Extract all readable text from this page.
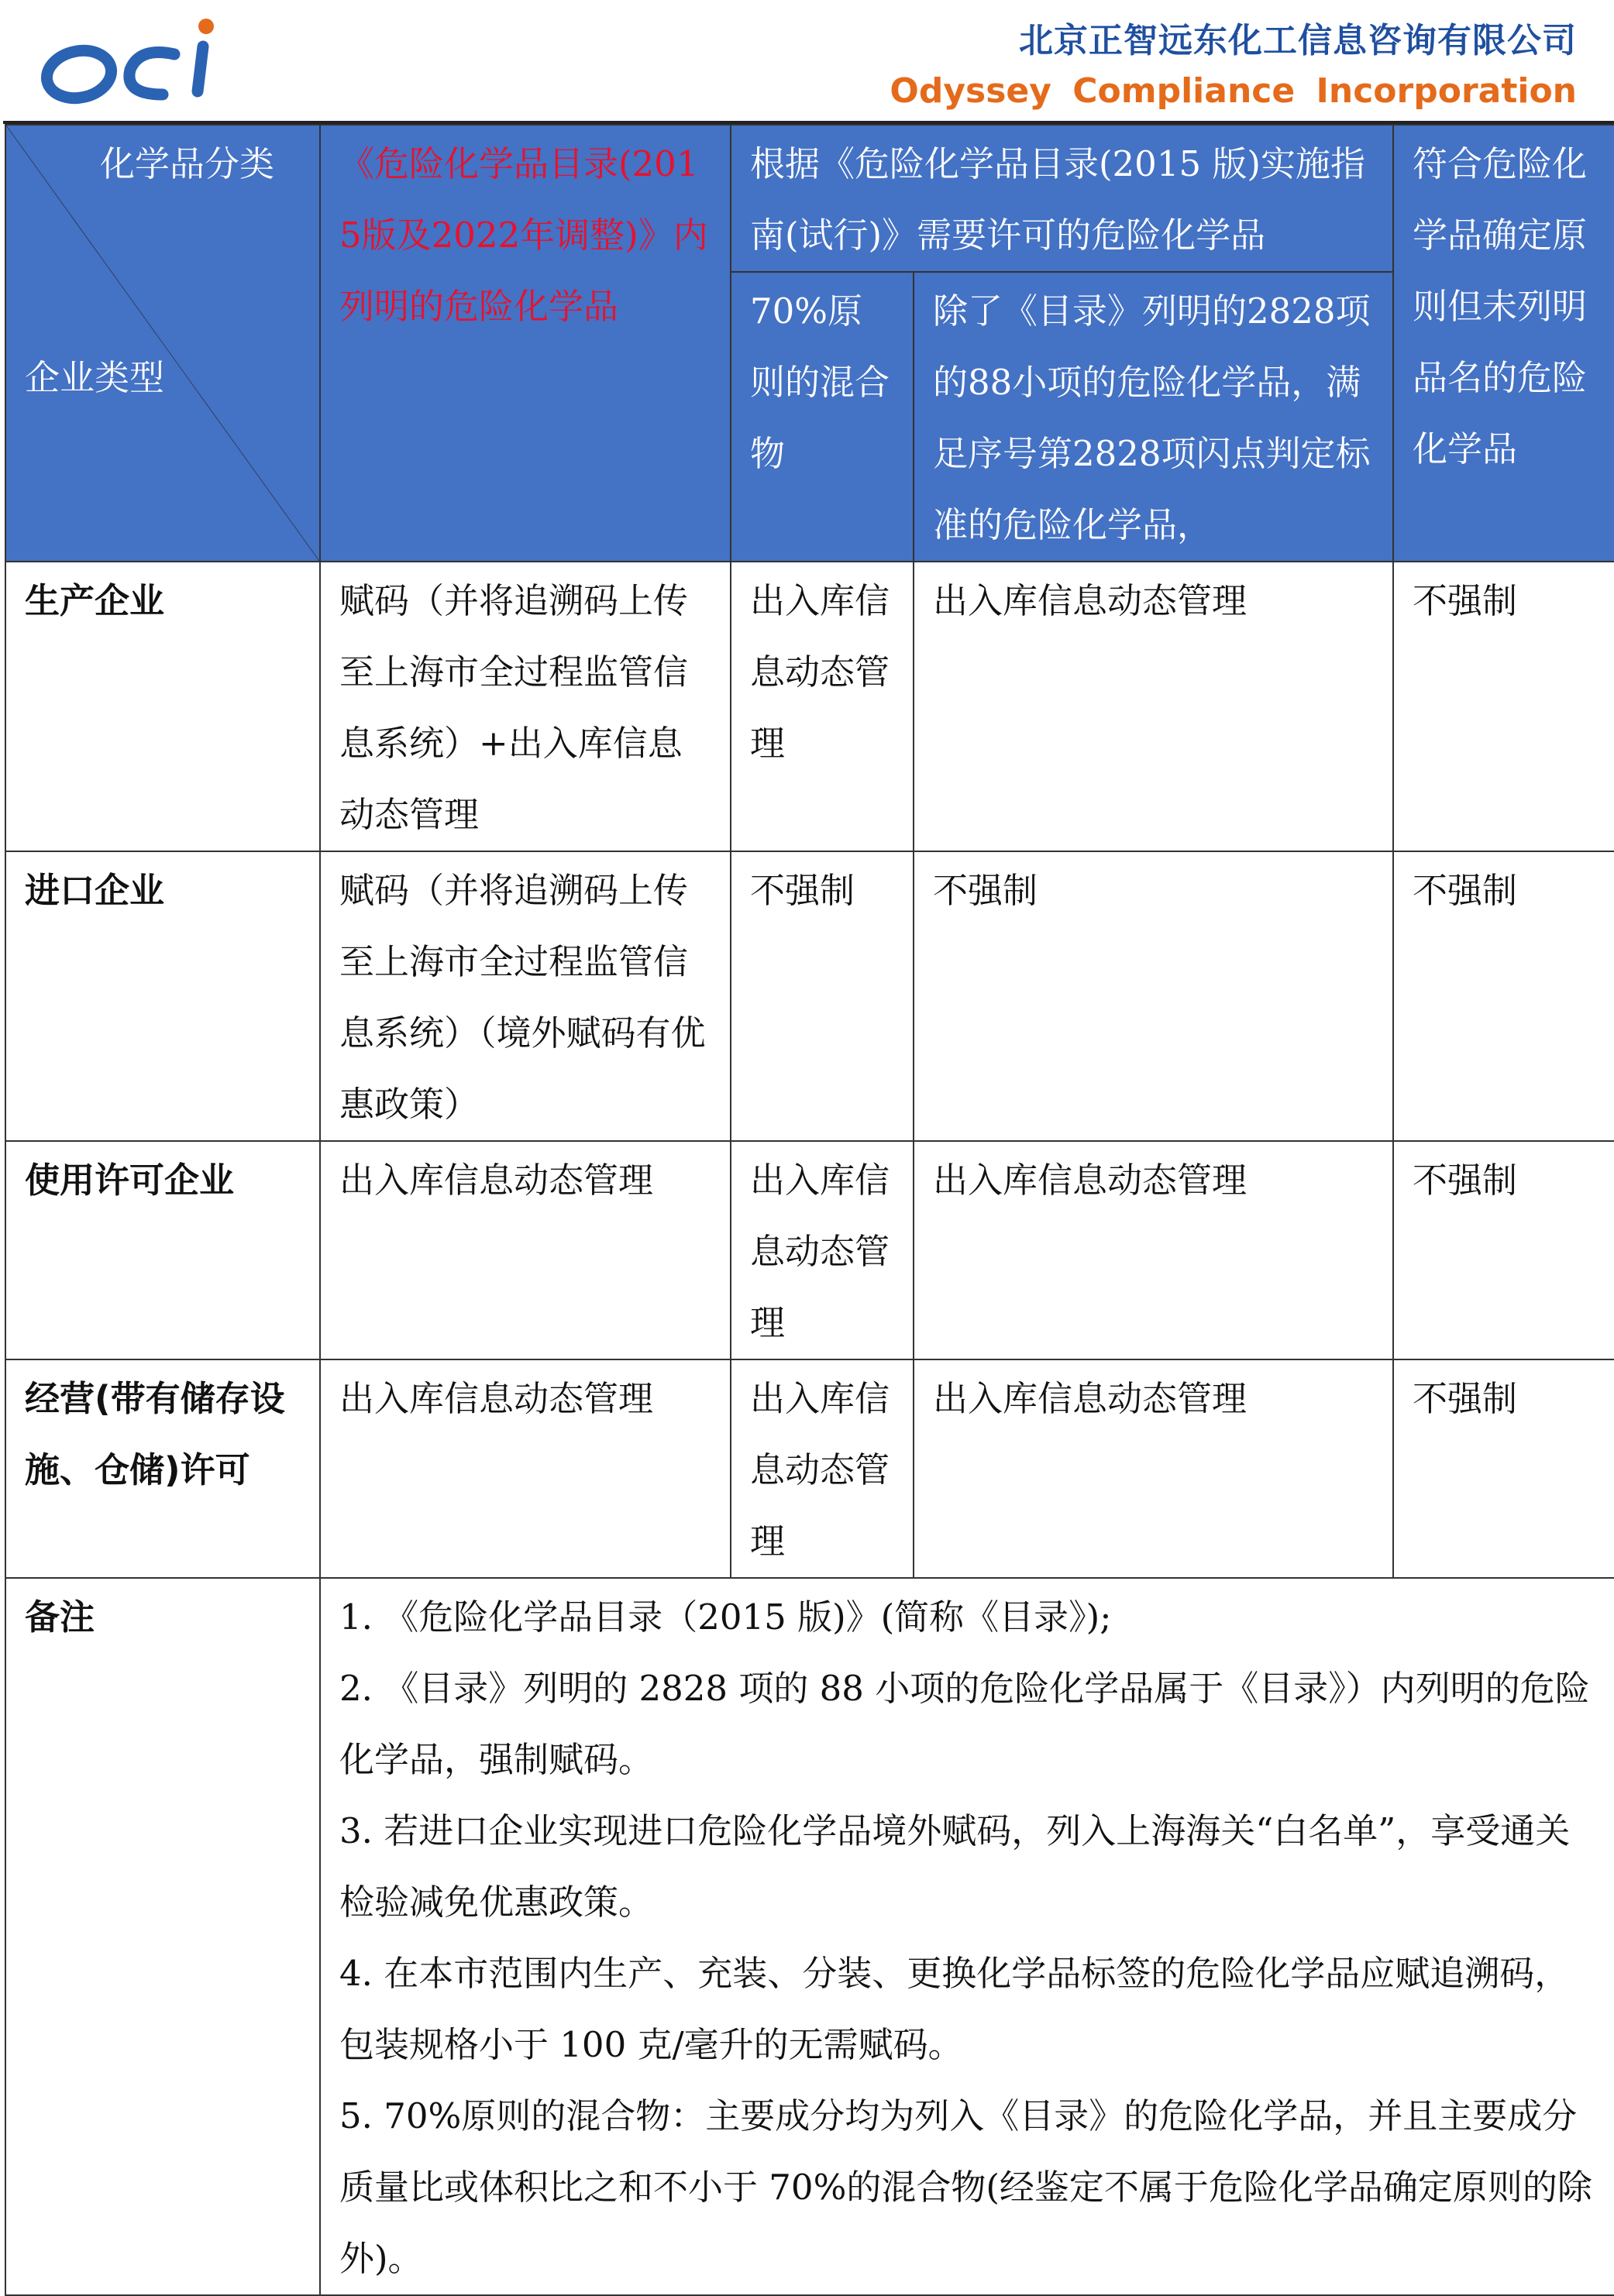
北京正智远东化工信息咨询有限公司
Odyssey Compliance Incorporation
化学品分类
企业类型	《危险化学品目录(2015版及2022年调整)》内列明的危险化学品	根据《危险化学品目录(2015 版)实施指南(试行)》需要许可的危险化学品		符合危险化学品确定原则但未列明品名的危险化学品
		70%原则的混合物	除了《目录》列明的2828项的88小项的危险化学品，满足序号第2828项闪点判定标准的危险化学品，	
生产企业	赋码（并将追溯码上传至上海市全过程监管信息系统）+出入库信息动态管理	出入库信息动态管理	出入库信息动态管理	不强制
进口企业	赋码（并将追溯码上传至上海市全过程监管信息系统）（境外赋码有优惠政策）	不强制	不强制	不强制
使用许可企业	出入库信息动态管理	出入库信息动态管理	出入库信息动态管理	不强制
经营(带有储存设施、仓储)许可	出入库信息动态管理	出入库信息动态管理	出入库信息动态管理	不强制
备注	1. 《危险化学品目录（2015 版)》(简称《目录》);

2. 《目录》列明的 2828 项的 88 小项的危险化学品属于《目录》）内列明的危险化学品，强制赋码。

3. 若进口企业实现进口危险化学品境外赋码，列入上海海关“白名单”，享受通关检验减免优惠政策。

4. 在本市范围内生产、充装、分装、更换化学品标签的危险化学品应赋追溯码，包装规格小于 100 克/毫升的无需赋码。

5. 70%原则的混合物：主要成分均为列入《目录》的危险化学品，并且主要成分质量比或体积比之和不小于 70%的混合物(经鉴定不属于危险化学品确定原则的除外)。			
